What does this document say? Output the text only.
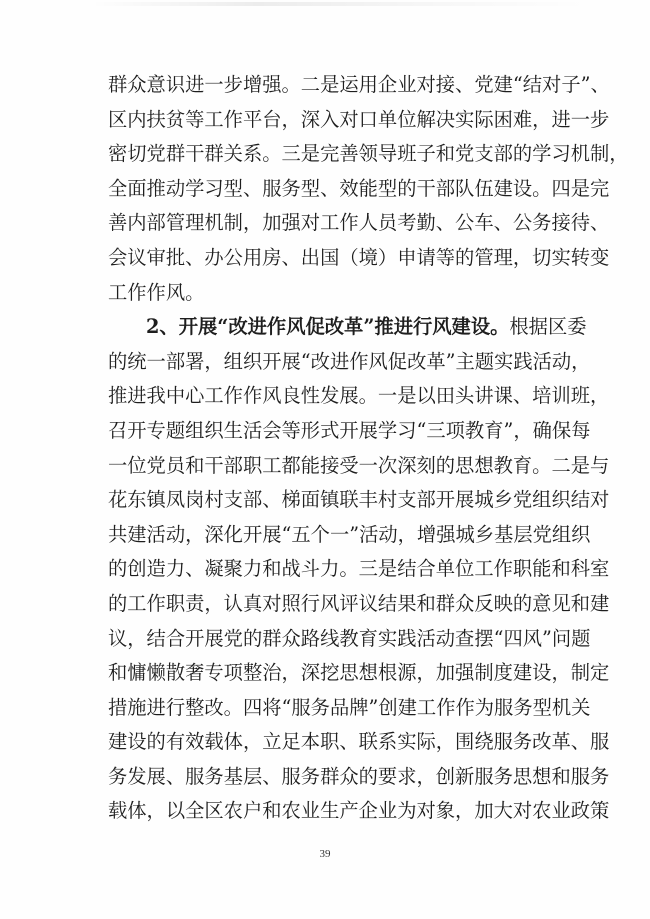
群众意识进一步增强。二是运用企业对接、党建“结对子”、
区内扶贫等工作平台，深入对口单位解决实际困难，进一步
密切党群干群关系。三是完善领导班子和党支部的学习机制，
全面推动学习型、服务型、效能型的干部队伍建设。四是完
善内部管理机制，加强对工作人员考勤、公车、公务接待、
会议审批、办公用房、出国（境）申请等的管理，切实转变
工作作风。
2、开展“改进作风促改革”推进行风建设。根据区委
的统一部署，组织开展“改进作风促改革”主题实践活动，
推进我中心工作作风良性发展。一是以田头讲课、培训班，
召开专题组织生活会等形式开展学习“三项教育”，确保每
一位党员和干部职工都能接受一次深刻的思想教育。二是与
花东镇凤岗村支部、梯面镇联丰村支部开展城乡党组织结对
共建活动，深化开展“五个一”活动，增强城乡基层党组织
的创造力、凝聚力和战斗力。三是结合单位工作职能和科室
的工作职责，认真对照行风评议结果和群众反映的意见和建
议，结合开展党的群众路线教育实践活动查摆“四风”问题
和慵懒散奢专项整治，深挖思想根源，加强制度建设，制定
措施进行整改。四将“服务品牌”创建工作作为服务型机关
建设的有效载体，立足本职、联系实际，围绕服务改革、服
务发展、服务基层、服务群众的要求，创新服务思想和服务
载体，以全区农户和农业生产企业为对象，加大对农业政策
39
